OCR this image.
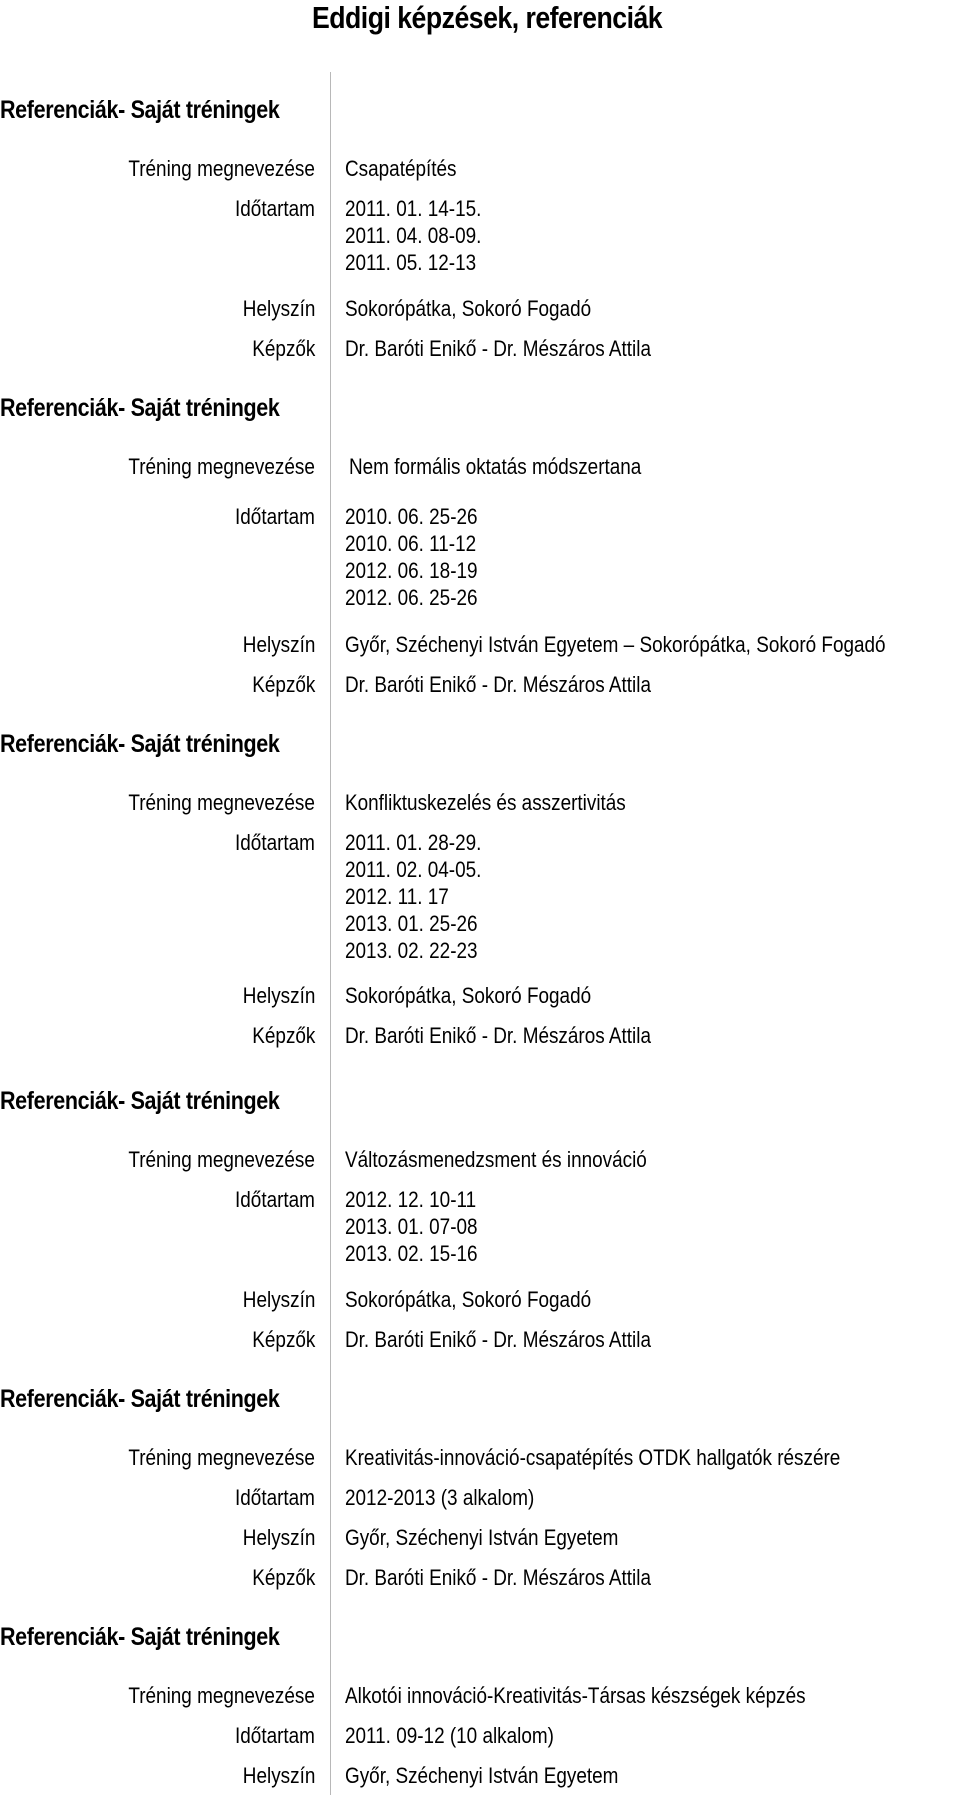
Eddigi képzések, referenciák
Referenciák- Saját tréningek
Tréning megnevezése Csapatépítés
Időtartam 2011. 01. 14-15.
2011. 04. 08-09.
2011. 05. 12-13
Helyszín Sokorópátka, Sokoró Fogadó
Képzők Dr. Baróti Enikő - Dr. Mészáros Attila
Referenciák- Saját tréningek
Tréning megnevezése Nem formális oktatás módszertana
Időtartam 2010. 06. 25-26
2010. 06. 11-12
2012. 06. 18-19
2012. 06. 25-26
Helyszín Győr, Széchenyi István Egyetem – Sokorópátka, Sokoró Fogadó
Képzők Dr. Baróti Enikő - Dr. Mészáros Attila
Referenciák- Saját tréningek
Tréning megnevezése Konfliktuskezelés és asszertivitás
Időtartam 2011. 01. 28-29.
2011. 02. 04-05.
2012. 11. 17
2013. 01. 25-26
2013. 02. 22-23
Helyszín Sokorópátka, Sokoró Fogadó
Képzők Dr. Baróti Enikő - Dr. Mészáros Attila
Referenciák- Saját tréningek
Tréning megnevezése Változásmenedzsment és innováció
Időtartam 2012. 12. 10-11
2013. 01. 07-08
2013. 02. 15-16
Helyszín Sokorópátka, Sokoró Fogadó
Képzők Dr. Baróti Enikő - Dr. Mészáros Attila
Referenciák- Saját tréningek
Tréning megnevezése Kreativitás-innováció-csapatépítés OTDK hallgatók részére
Időtartam 2012-2013 (3 alkalom)
Helyszín Győr, Széchenyi István Egyetem
Képzők Dr. Baróti Enikő - Dr. Mészáros Attila
Referenciák- Saját tréningek
Tréning megnevezése Alkotói innováció-Kreativitás-Társas készségek képzés
Időtartam 2011. 09-12 (10 alkalom)
Helyszín Győr, Széchenyi István Egyetem
